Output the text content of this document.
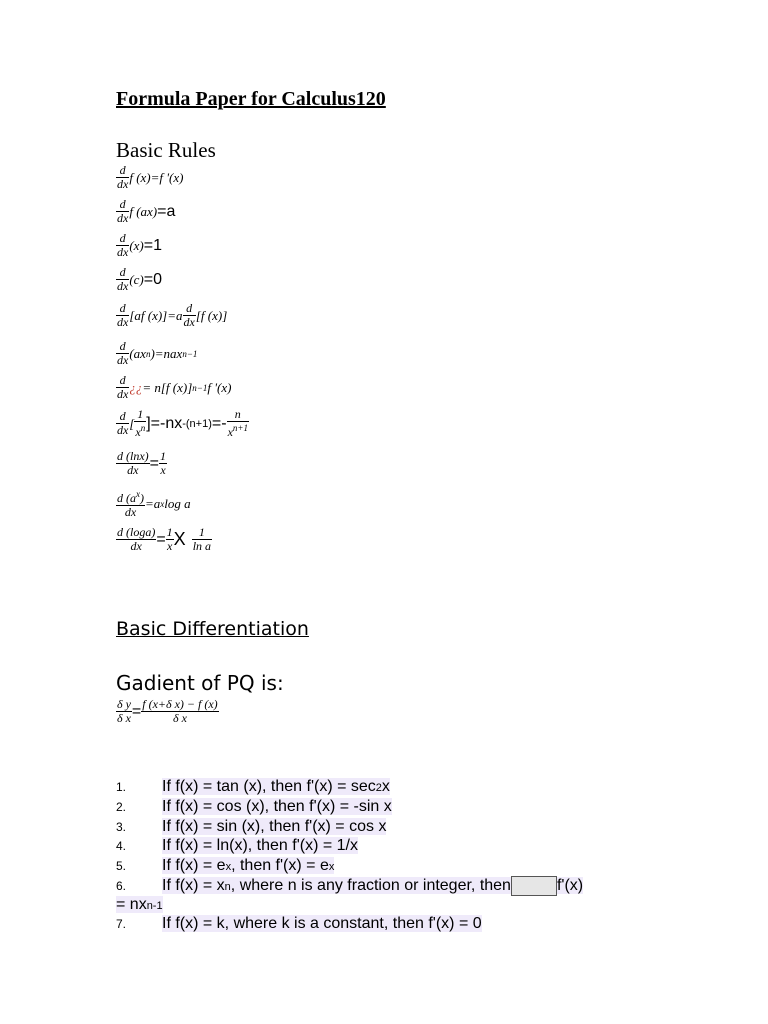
Formula Paper for Calculus120
Basic Rules
d
dx f (x)=f '(x)
d
dx f (ax) =a
d
dx (x) =1
d
dx (c) =0
d
dx [af (x)]=a d
dx [f (x)]
d
dx (ax n )=nax n−1
d
dx ¿¿ = n[f (x)] n−1 f '(x)
d
dx [
1
$x^n$ ]=-nx -(n+1) =-
n
$x^{n+1}$
$\frac{d (\ln x)}{dx} = \frac{1}{x}$
$\frac{d (a^x)}{dx} =a$ x log a
$\frac{d (\log a)}{dx} = \frac{1}{x}$ X	1
ln a
Basic Differentiation
Gadient of PQ is:
$\frac{\text{δ y}}{\text{δ x}} = \frac{\text{f (x+δ x) − f (x)}}{\text{δ x}}$
1. If f(x) = tan (x), then f'(x) = sec2x
2. If f(x) = cos (x), then f'(x) = -sin x
3. If f(x) = sin (x), then f'(x) = cos x
4. If f(x) = ln(x), then f'(x) = 1/x
5. If f(x) = ex, then f'(x) = ex
6. If f(x) = xn, where n is any fraction or integer, then	f'(x)
= nxn-1
7. If f(x) = k, where k is a constant, then f'(x) = 0
